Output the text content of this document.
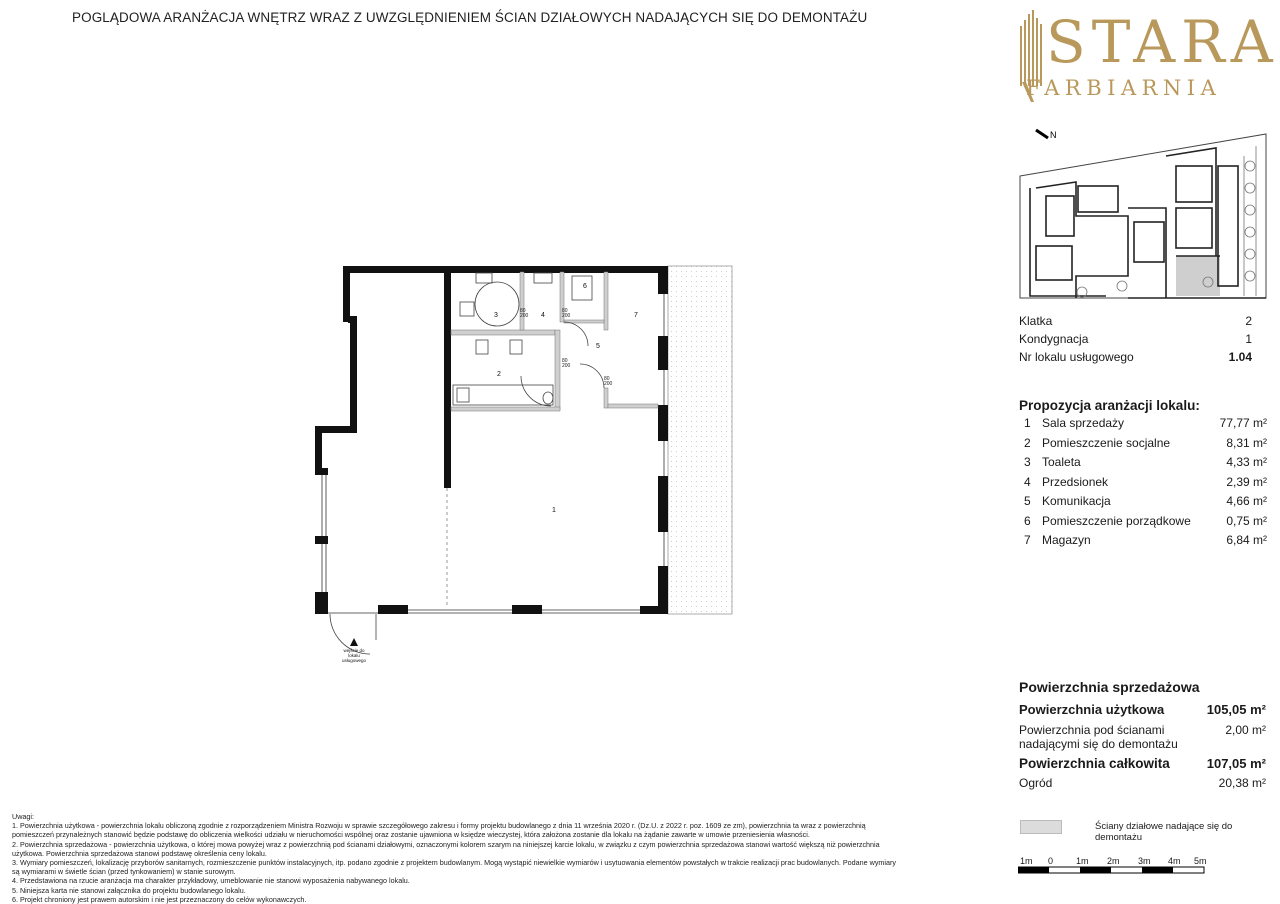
POGLĄDOWA ARANŻACJA WNĘTRZ WRAZ Z UWZGLĘDNIENIEM ŚCIAN DZIAŁOWYCH NADAJĄCYCH SIĘ DO DEMONTAŻU	STARA
FARBIARNIA
N
Klatka	2
Kondygnacja	1
Nr lokalu usługowego	1.04
Propozycja aranżacji lokalu:
1 Sala sprzedaży	77,77 m²
2 Pomieszczenie socjalne	8,31 m²
3 Toaleta	4,33 m²
4 Przedsionek	2,39 m²
5 Komunikacja	4,66 m²
6 Pomieszczenie porządkowe	0,75 m²
7 Magazyn	6,84 m²
Powierzchnia sprzedażowa
Powierzchnia użytkowa	105,05 m²
Powierzchnia pod ścianami
nadającymi się do demontażu
2,00 m²
Powierzchnia całkowita	107,05 m²
Ogród	20,38 m²
Ściany działowe nadające się do demontażu
1m 0	1m 2m 3m 4m 5m
Uwagi:
1. Powierzchnia użytkowa - powierzchnia lokalu obliczoną zgodnie z rozporządzeniem Ministra Rozwoju w sprawie szczegółowego zakresu i formy projektu budowlanego z dnia 11 września 2020 r. (Dz.U. z 2022 r. poz. 1609 ze zm), powierzchnia ta wraz z powierzchnią
pomieszczeń przynależnych stanowić będzie podstawę do obliczenia wielkości udziału w nieruchomości wspólnej oraz zostanie ujawniona w księdze wieczystej, która założona zostanie dla lokalu na żądanie zawarte w umowie przeniesienia własności.
2. Powierzchnia sprzedażowa - powierzchnia użytkowa, o której mowa powyżej wraz z powierzchnią pod ścianami działowymi, oznaczonymi kolorem szarym na niniejszej karcie lokalu, w związku z czym powierzchnia sprzedażowa stanowi wartość większą niż powierzchnia
użytkowa. Powierzchnia sprzedażowa stanowi podstawę określenia ceny lokalu.
3. Wymiary pomieszczeń, lokalizację przyborów sanitarnych, rozmieszczenie punktów instalacyjnych, itp. podano zgodnie z projektem budowlanym. Mogą wystąpić niewielkie wymiarów i usytuowania elementów powstałych w trakcie realizacji prac budowlanych. Podane wymiary
są wymiarami w świetle ścian (przed tynkowaniem) w stanie surowym.
4. Przedstawiona na rzucie aranżacja ma charakter przykładowy, umeblowanie nie stanowi wyposażenia nabywanego lokalu.
5. Niniejsza karta nie stanowi załącznika do projektu budowlanego lokalu.
6. Projekt chroniony jest prawem autorskim i nie jest przeznaczony do celów wykonawczych.
1
2
3	4
5
6
7
80 200
80 200
80 200
80 200
wejście do
lokalu
usługowego
